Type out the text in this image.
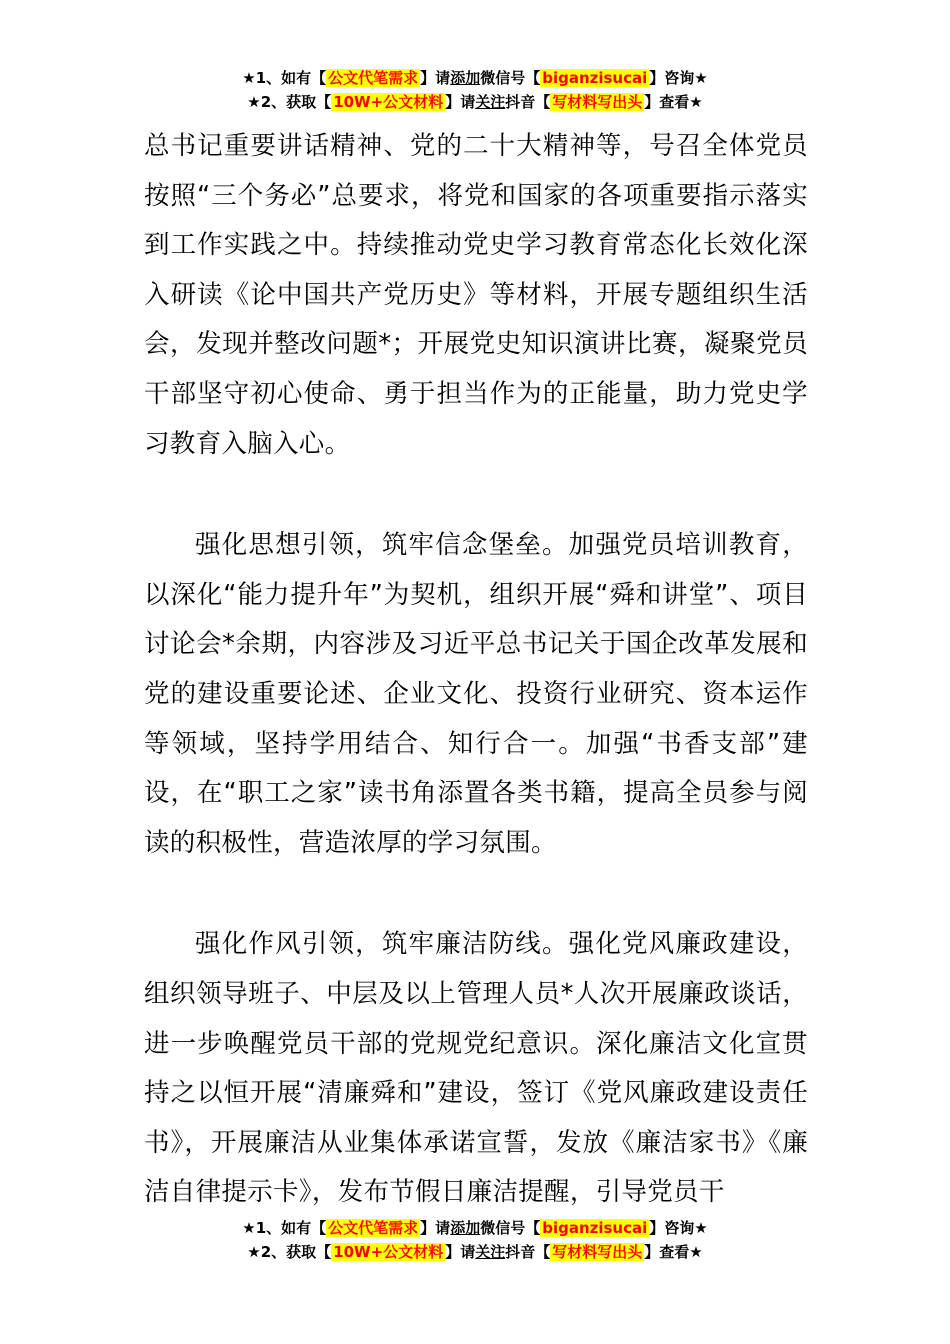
★1、如有【 公文代笔需求 】请添加微信号【 biganzisucai 】咨询★
★2、获取【 10W+公文材料 】请关注抖音【 写材料写出头 】查看★

总书记重要讲话精神、党的二十大精神等，号召全体党员按照“三个务必”总要求，将党和国家的各项重要指示落实到工作实践之中。持续推动党史学习教育常态化长效化深入研读《论中国共产党历史》等材料，开展专题组织生活会，发现并整改问题*；开展党史知识演讲比赛，凝聚党员干部坚守初心使命、勇于担当作为的正能量，助力党史学习教育入脑入心。

强化思想引领，筑牢信念堡垒。加强党员培训教育，以深化“能力提升年”为契机，组织开展“舜和讲堂”、项目讨论会*余期，内容涉及习近平总书记关于国企改革发展和党的建设重要论述、企业文化、投资行业研究、资本运作等领域，坚持学用结合、知行合一。加强“书香支部”建设，在“职工之家”读书角添置各类书籍，提高全员参与阅读的积极性，营造浓厚的学习氛围。

强化作风引领，筑牢廉洁防线。强化党风廉政建设，组织领导班子、中层及以上管理人员*人次开展廉政谈话，进一步唤醒党员干部的党规党纪意识。深化廉洁文化宣贯持之以恒开展“清廉舜和”建设，签订《党风廉政建设责任书》，开展廉洁从业集体承诺宣誓，发放《廉洁家书》《廉洁自律提示卡》，发布节假日廉洁提醒，引导党员干

★1、如有【 公文代笔需求 】请添加微信号【 biganzisucai 】咨询★
★2、获取【 10W+公文材料 】请关注抖音【 写材料写出头 】查看★
